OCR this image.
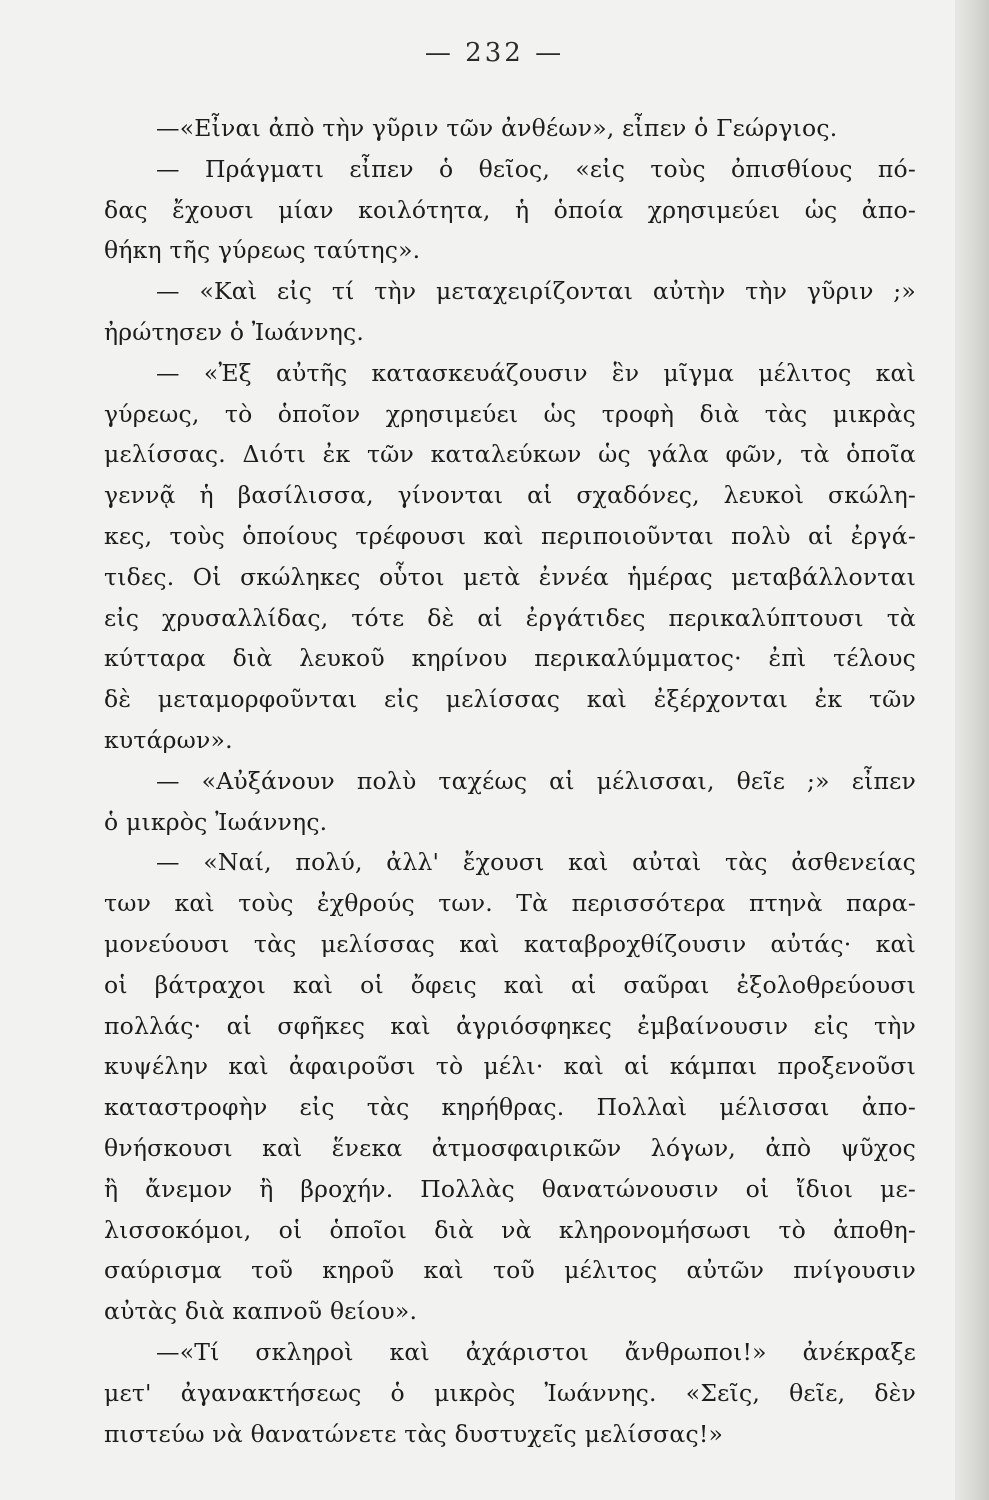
— 232 —
—«Εἶναι ἀπὸ τὴν γῦριν τῶν ἀνθέων», εἶπεν ὁ Γεώργιος.
— Πράγματι εἶπεν ὁ θεῖος, «εἰς τοὺς ὀπισθίους πό-
δας ἔχουσι μίαν κοιλότητα, ἡ ὁποία χρησιμεύει ὡς ἀπο-
θήκη τῆς γύρεως ταύτης».
— «Καὶ εἰς τί τὴν μεταχειρίζονται αὐτὴν τὴν γῦριν ;»
ἠρώτησεν ὁ Ἰωάννης.
— «Ἐξ αὐτῆς κατασκευάζουσιν ἓν μῖγμα μέλιτος καὶ
γύρεως, τὸ ὁποῖον χρησιμεύει ὡς τροφὴ διὰ τὰς μικρὰς
μελίσσας. Διότι ἐκ τῶν καταλεύκων ὡς γάλα φῶν, τὰ ὁποῖα
γεννᾷ ἡ βασίλισσα, γίνονται αἱ σχαδόνες, λευκοὶ σκώλη-
κες, τοὺς ὁποίους τρέφουσι καὶ περιποιοῦνται πολὺ αἱ ἐργά-
τιδες. Οἱ σκώληκες οὗτοι μετὰ ἐννέα ἡμέρας μεταβάλλονται
εἰς χρυσαλλίδας, τότε δὲ αἱ ἐργάτιδες περικαλύπτουσι τὰ
κύτταρα διὰ λευκοῦ κηρίνου περικαλύμματος· ἐπὶ τέλους
δὲ μεταμορφοῦνται εἰς μελίσσας καὶ ἐξέρχονται ἐκ τῶν
κυτάρων».
— «Αὐξάνουν πολὺ ταχέως αἱ μέλισσαι, θεῖε ;» εἶπεν
ὁ μικρὸς Ἰωάννης.
— «Ναί, πολύ, ἀλλ' ἔχουσι καὶ αὐταὶ τὰς ἀσθενείας
των καὶ τοὺς ἐχθρούς των. Τὰ περισσότερα πτηνὰ παρα-
μονεύουσι τὰς μελίσσας καὶ καταβροχθίζουσιν αὐτάς· καὶ
οἱ βάτραχοι καὶ οἱ ὄφεις καὶ αἱ σαῦραι ἐξολοθρεύουσι
πολλάς· αἱ σφῆκες καὶ ἀγριόσφηκες ἐμβαίνουσιν εἰς τὴν
κυψέλην καὶ ἀφαιροῦσι τὸ μέλι· καὶ αἱ κάμπαι προξενοῦσι
καταστροφὴν εἰς τὰς κηρήθρας. Πολλαὶ μέλισσαι ἀπο-
θνήσκουσι καὶ ἕνεκα ἀτμοσφαιρικῶν λόγων, ἀπὸ ψῦχος
ἢ ἄνεμον ἢ βροχήν. Πολλὰς θανατώνουσιν οἱ ἴδιοι με-
λισσοκόμοι, οἱ ὁποῖοι διὰ νὰ κληρονομήσωσι τὸ ἀποθη-
σαύρισμα τοῦ κηροῦ καὶ τοῦ μέλιτος αὐτῶν πνίγουσιν
αὐτὰς διὰ καπνοῦ θείου».
—«Τί σκληροὶ καὶ ἀχάριστοι ἄνθρωποι!» ἀνέκραξε
μετ' ἀγανακτήσεως ὁ μικρὸς Ἰωάννης. «Σεῖς, θεῖε, δὲν
πιστεύω νὰ θανατώνετε τὰς δυστυχεῖς μελίσσας!»
